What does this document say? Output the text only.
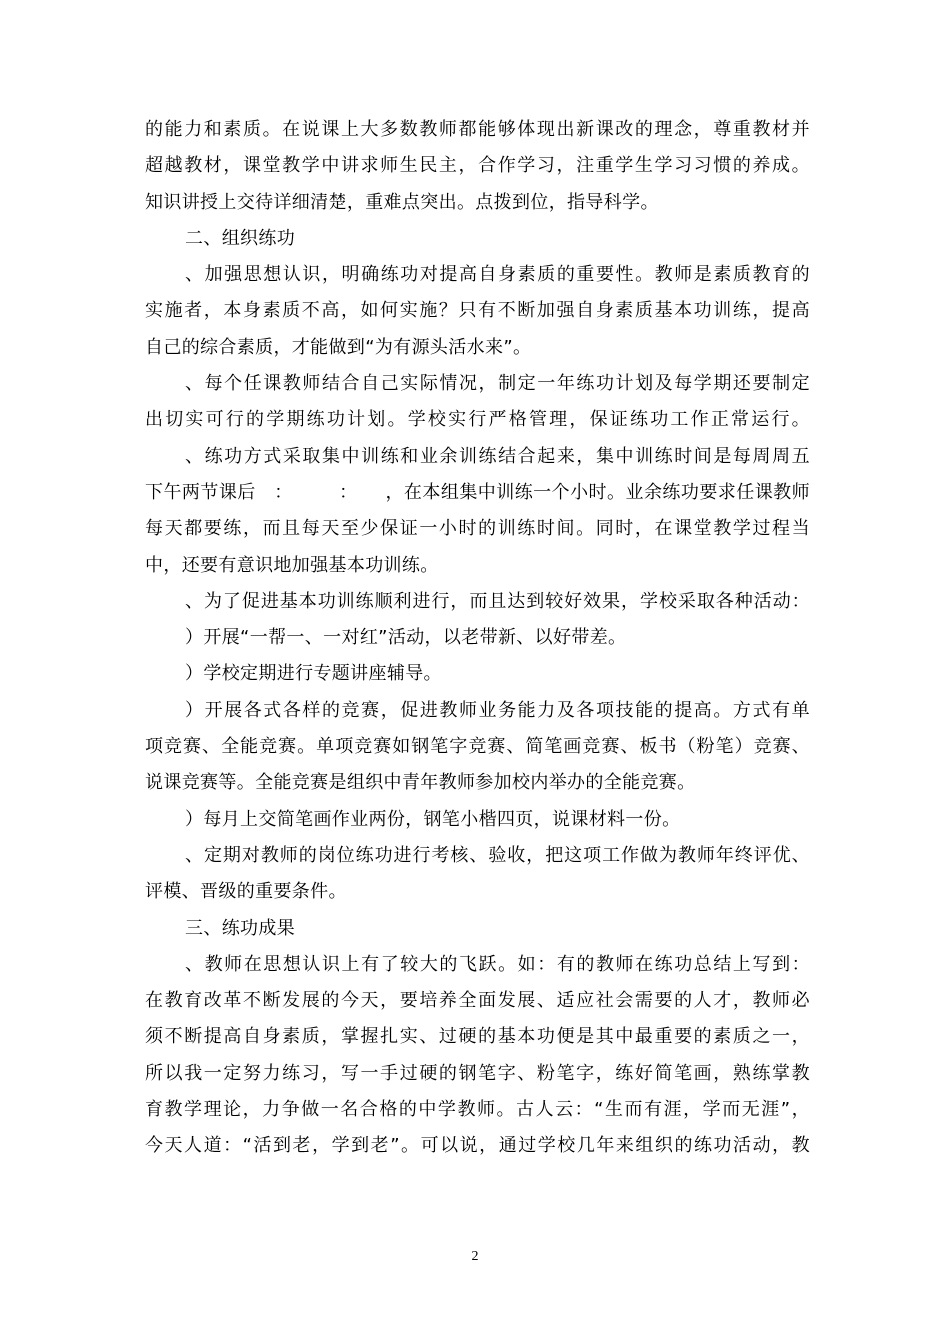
的能力和素质。在说课上大多数教师都能够体现出新课改的理念，尊重教材并
超越教材，课堂教学中讲求师生民主，合作学习，注重学生学习习惯的养成。
知识讲授上交待详细清楚，重难点突出。点拨到位，指导科学。
二、组织练功
、加强思想认识，明确练功对提高自身素质的重要性。教师是素质教育的
实施者，本身素质不高，如何实施？只有不断加强自身素质基本功训练，提高
自己的综合素质，才能做到“为有源头活水来”。
、每个任课教师结合自己实际情况，制定一年练功计划及每学期还要制定
出切实可行的学期练功计划。学校实行严格管理，保证练功工作正常运行。
、练功方式采取集中训练和业余训练结合起来，集中训练时间是每周周五
下午两节课后　：　　　：　　，在本组集中训练一个小时。业余练功要求任课教师
每天都要练，而且每天至少保证一小时的训练时间。同时，在课堂教学过程当
中，还要有意识地加强基本功训练。
、为了促进基本功训练顺利进行，而且达到较好效果，学校采取各种活动：
）开展“一帮一、一对红”活动，以老带新、以好带差。
）学校定期进行专题讲座辅导。
）开展各式各样的竞赛，促进教师业务能力及各项技能的提高。方式有单
项竞赛、全能竞赛。单项竞赛如钢笔字竞赛、简笔画竞赛、板书（粉笔）竞赛、
说课竞赛等。全能竞赛是组织中青年教师参加校内举办的全能竞赛。
）每月上交简笔画作业两份，钢笔小楷四页，说课材料一份。
、定期对教师的岗位练功进行考核、验收，把这项工作做为教师年终评优、
评模、晋级的重要条件。
三、练功成果
、教师在思想认识上有了较大的飞跃。如：有的教师在练功总结上写到：
在教育改革不断发展的今天，要培养全面发展、适应社会需要的人才，教师必
须不断提高自身素质，掌握扎实、过硬的基本功便是其中最重要的素质之一，
所以我一定努力练习，写一手过硬的钢笔字、粉笔字，练好简笔画，熟练掌教
育教学理论，力争做一名合格的中学教师。古人云：“生而有涯，学而无涯”，
今天人道：“活到老，学到老”。可以说，通过学校几年来组织的练功活动，教
2
